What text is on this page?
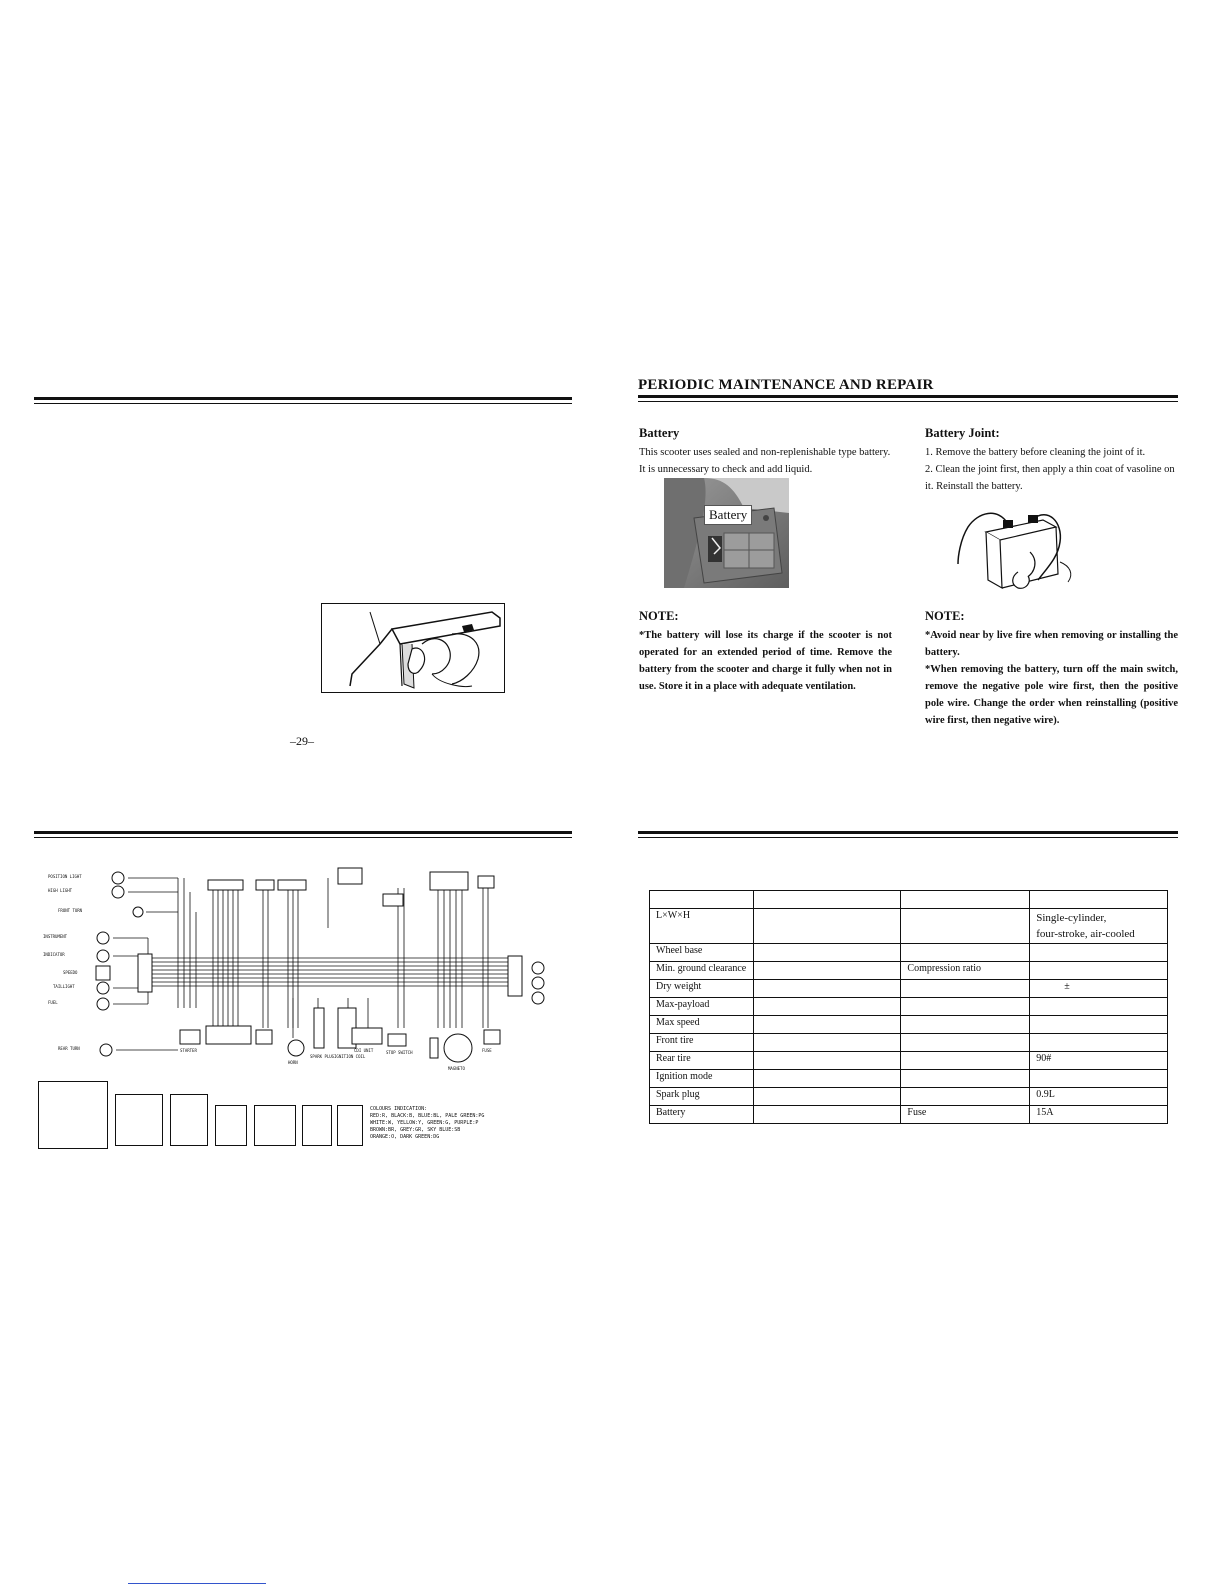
–29–
PERIODIC MAINTENANCE AND REPAIR
Battery

This scooter uses sealed and non-replenishable type battery.

It is unnecessary to check and add liquid.

Battery
Battery Joint:

1. Remove the battery before cleaning the joint of it.

2. Clean the joint first, then apply a thin coat of vasoline on

it. Reinstall the battery.

NOTE:

*The battery will lose its charge if the scooter is not operated for an extended period of time. Remove the battery from the scooter and charge it fully when not in use. Store it in a place with adequate ventilation.

NOTE:

*Avoid near by live fire when removing or installing the battery.

*When removing the battery, turn off the main switch, remove the negative pole wire first, then the positive pole wire. Change the order when reinstalling (positive wire first, then negative wire).

POSITION LIGHT
HIGH LIGHT
FRONT TURN
INSTRUMENT
INDICATOR
SPEEDO
TAILLIGHT
FUEL
REAR TURN	STARTER
HORN
SPARK PLUG IGNITION COIL
CDI UNIT	STOP SWITCH
MAGNETO
FUSE
COLOURS INDICATION:
RED:R, BLACK:B, BLUE:BL, PALE GREEN:PG
WHITE:W, YELLOW:Y, GREEN:G, PURPLE:P
BROWN:BR, GREY:GR, SKY BLUE:SB
ORANGE:O, DARK GREEN:DG

L×W×H			Single-cylinder,
four-stroke, air-cooled
Wheel base			
Min. ground clearance		Compression ratio	
Dry weight			±
Max-payload			
Max speed			
Front tire			
Rear tire			90#
Ignition mode			
Spark plug			0.9L
Battery		Fuse	15A
